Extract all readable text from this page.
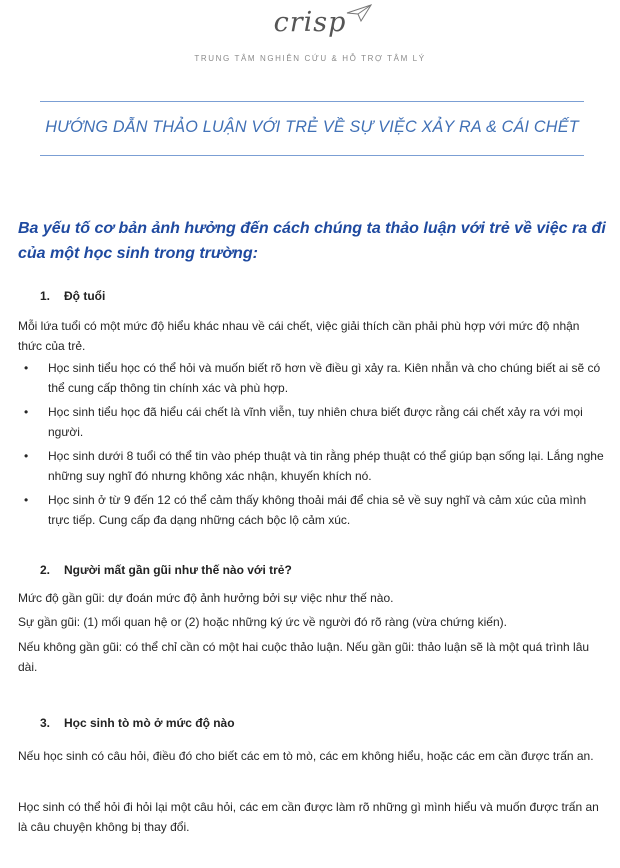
crisp
TRUNG TÂM NGHIÊN CỨU & HỖ TRỢ TÂM LÝ
HƯỚNG DẪN THẢO LUẬN VỚI TRẺ VỀ SỰ VIỆC XẢY RA & CÁI CHẾT
Ba yếu tố cơ bản ảnh hưởng đến cách chúng ta thảo luận với trẻ về việc ra đi của một học sinh trong trường:
1. Độ tuổi

Mỗi lứa tuổi có một mức độ hiểu khác nhau về cái chết, việc giải thích cần phải phù hợp với mức độ nhận thức của trẻ.

• Học sinh tiểu học có thể hỏi và muốn biết rõ hơn về điều gì xảy ra. Kiên nhẫn và cho chúng biết ai sẽ có thể cung cấp thông tin chính xác và phù hợp.
• Học sinh tiểu học đã hiểu cái chết là vĩnh viễn, tuy nhiên chưa biết được rằng cái chết xảy ra với mọi người.
• Học sinh dưới 8 tuổi có thể tin vào phép thuật và tin rằng phép thuật có thể giúp bạn sống lại. Lắng nghe những suy nghĩ đó nhưng không xác nhận, khuyến khích nó.
• Học sinh ở từ 9 đến 12 có thể cảm thấy không thoải mái để chia sẻ về suy nghĩ và cảm xúc của mình trực tiếp. Cung cấp đa dạng những cách bộc lộ cảm xúc.
2. Người mất gần gũi như thế nào với trẻ?

Mức độ gần gũi: dự đoán mức độ ảnh hưởng bởi sự việc như thế nào.

Sự gần gũi: (1) mối quan hệ or (2) hoặc những ký ức về người đó rõ ràng (vừa chứng kiến).

Nếu không gần gũi: có thể chỉ cần có một hai cuộc thảo luận. Nếu gần gũi: thảo luận sẽ là một quá trình lâu dài.

3. Học sinh tò mò ở mức độ nào

Nếu học sinh có câu hỏi, điều đó cho biết các em tò mò, các em không hiểu, hoặc các em cần được trấn an.

Học sinh có thể hỏi đi hỏi lại một câu hỏi, các em cần được làm rõ những gì mình hiểu và muốn được trấn an là câu chuyện không bị thay đổi.
